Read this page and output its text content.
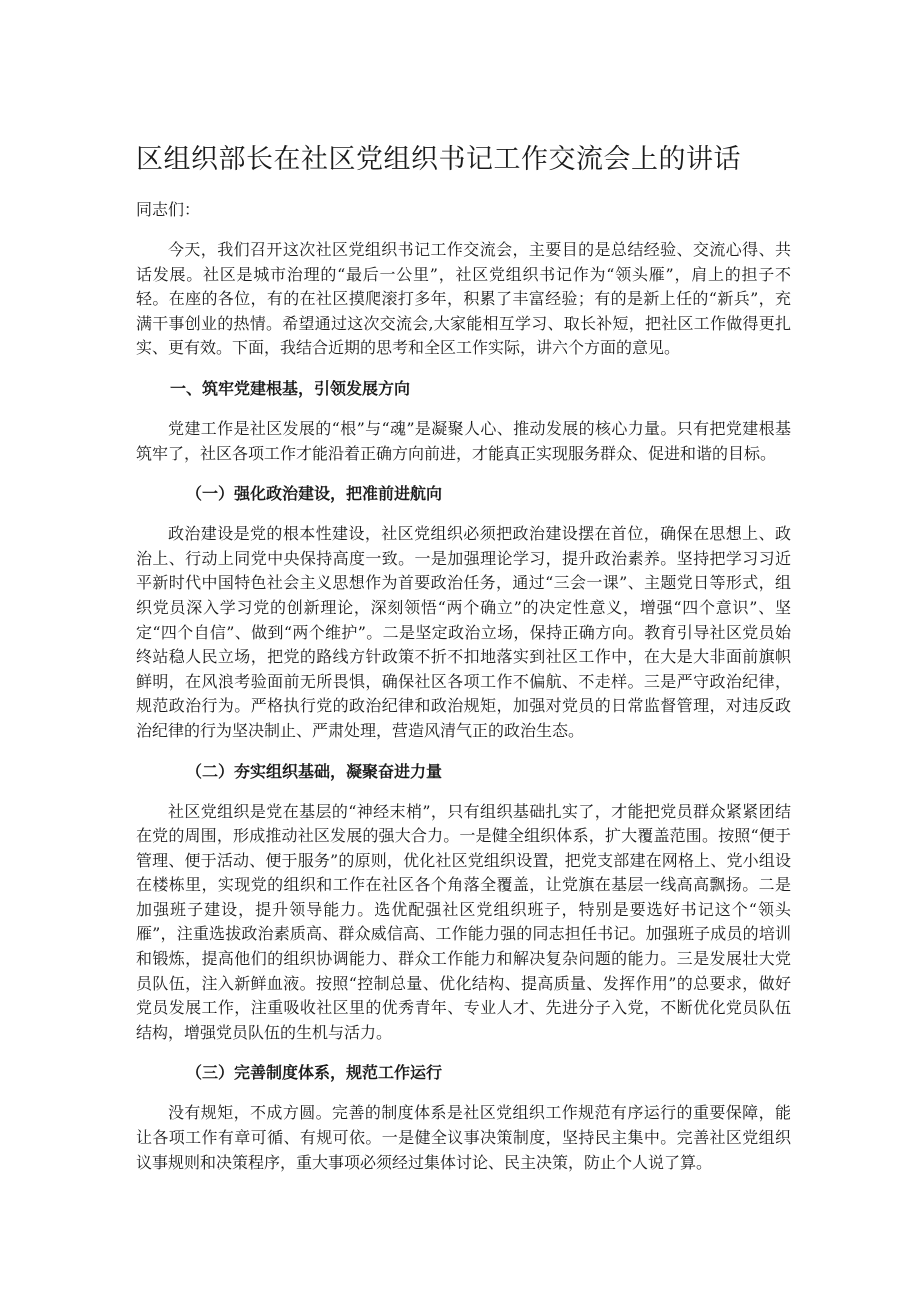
区组织部长在社区党组织书记工作交流会上的讲话
同志们：

今天，我们召开这次社区党组织书记工作交流会，主要目的是总结经验、交流心得、共话发展。社区是城市治理的“最后一公里”，社区党组织书记作为“领头雁”，肩上的担子不轻。在座的各位，有的在社区摸爬滚打多年，积累了丰富经验；有的是新上任的“新兵”，充满干事创业的热情。希望通过这次交流会,大家能相互学习、取长补短，把社区工作做得更扎实、更有效。下面，我结合近期的思考和全区工作实际，讲六个方面的意见。

一、筑牢党建根基，引领发展方向

党建工作是社区发展的“根”与“魂”是凝聚人心、推动发展的核心力量。只有把党建根基筑牢了，社区各项工作才能沿着正确方向前进，才能真正实现服务群众、促进和谐的目标。

（一）强化政治建设，把准前进航向

政治建设是党的根本性建设，社区党组织必须把政治建设摆在首位，确保在思想上、政治上、行动上同党中央保持高度一致。一是加强理论学习，提升政治素养。坚持把学习习近平新时代中国特色社会主义思想作为首要政治任务，通过“三会一课”、主题党日等形式，组织党员深入学习党的创新理论，深刻领悟“两个确立”的决定性意义，增强“四个意识”、坚定“四个自信”、做到“两个维护”。二是坚定政治立场，保持正确方向。教育引导社区党员始终站稳人民立场，把党的路线方针政策不折不扣地落实到社区工作中，在大是大非面前旗帜鲜明，在风浪考验面前无所畏惧，确保社区各项工作不偏航、不走样。三是严守政治纪律，规范政治行为。严格执行党的政治纪律和政治规矩，加强对党员的日常监督管理，对违反政治纪律的行为坚决制止、严肃处理，营造风清气正的政治生态。

（二）夯实组织基础，凝聚奋进力量

社区党组织是党在基层的“神经末梢”，只有组织基础扎实了，才能把党员群众紧紧团结在党的周围，形成推动社区发展的强大合力。一是健全组织体系，扩大覆盖范围。按照“便于管理、便于活动、便于服务”的原则，优化社区党组织设置，把党支部建在网格上、党小组设在楼栋里，实现党的组织和工作在社区各个角落全覆盖，让党旗在基层一线高高飘扬。二是加强班子建设，提升领导能力。选优配强社区党组织班子，特别是要选好书记这个“领头雁”，注重选拔政治素质高、群众威信高、工作能力强的同志担任书记。加强班子成员的培训和锻炼，提高他们的组织协调能力、群众工作能力和解决复杂问题的能力。三是发展壮大党员队伍，注入新鲜血液。按照“控制总量、优化结构、提高质量、发挥作用”的总要求，做好党员发展工作，注重吸收社区里的优秀青年、专业人才、先进分子入党，不断优化党员队伍结构，增强党员队伍的生机与活力。

（三）完善制度体系，规范工作运行

没有规矩，不成方圆。完善的制度体系是社区党组织工作规范有序运行的重要保障，能让各项工作有章可循、有规可依。一是健全议事决策制度，坚持民主集中。完善社区党组织议事规则和决策程序，重大事项必须经过集体讨论、民主决策，防止个人说了算。
